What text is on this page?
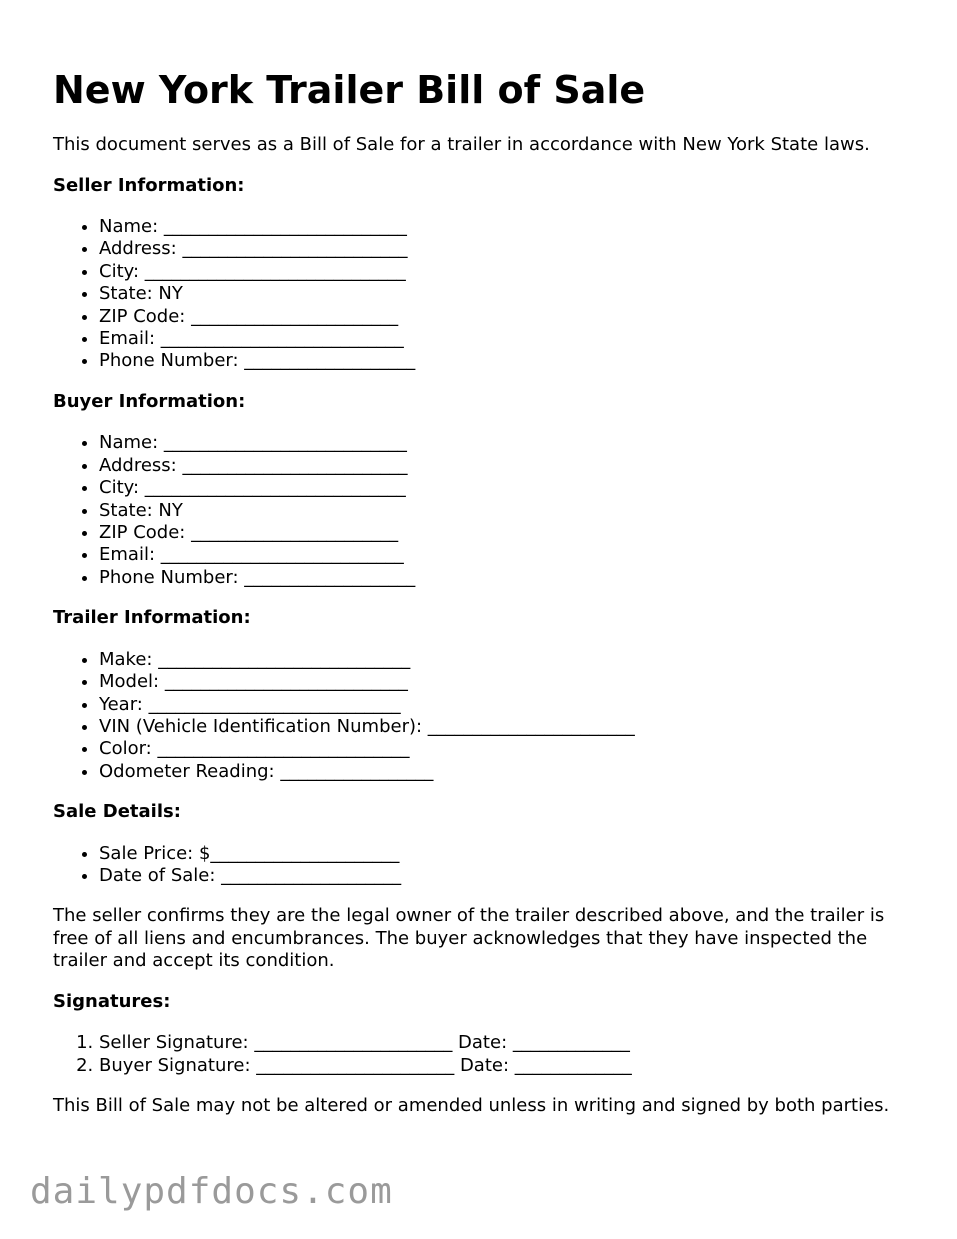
New York Trailer Bill of Sale

This document serves as a Bill of Sale for a trailer in accordance with New York State laws.

Seller Information:
• Name: ___________________________
• Address: _________________________
• City: _____________________________
• State: NY
• ZIP Code: _______________________
• Email: ___________________________
• Phone Number: ___________________
Buyer Information:
• Name: ___________________________
• Address: _________________________
• City: _____________________________
• State: NY
• ZIP Code: _______________________
• Email: ___________________________
• Phone Number: ___________________
Trailer Information:
• Make: ____________________________
• Model: ___________________________
• Year: ____________________________
• VIN (Vehicle Identification Number): _______________________
• Color: ____________________________
• Odometer Reading: _________________
Sale Details:
• Sale Price: $_____________________
• Date of Sale: ____________________

The seller confirms they are the legal owner of the trailer described above, and the trailer is free of all liens and encumbrances. The buyer acknowledges that they have inspected the trailer and accept its condition.

Signatures:
1. Seller Signature: ______________________ Date: _____________
2. Buyer Signature: ______________________ Date: _____________

This Bill of Sale may not be altered or amended unless in writing and signed by both parties.

dailypdfdocs.com
